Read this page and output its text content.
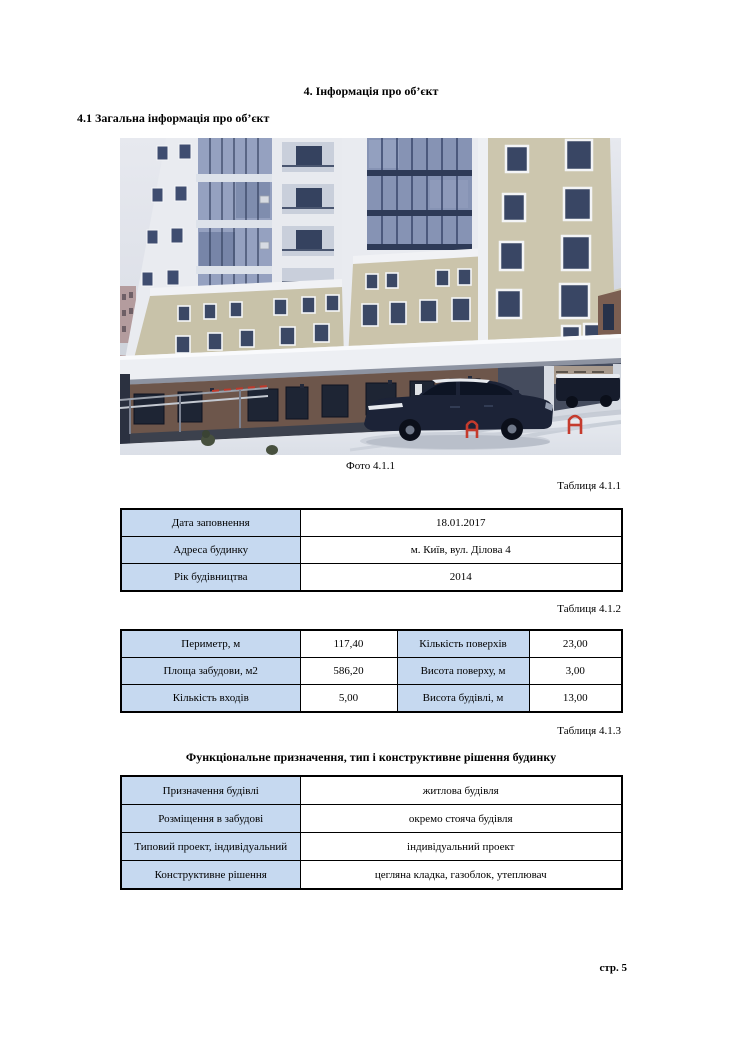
4. Інформація про об’єкт
4.1 Загальна інформація про об’єкт
Фото 4.1.1
Таблиця 4.1.1
Дата заповнення	18.01.2017
Адреса будинку	м. Київ, вул. Ділова 4
Рік будівництва	2014
Таблиця 4.1.2
Периметр, м	117,40	Кількість поверхів	23,00
Площа забудови, м2	586,20	Висота поверху, м	3,00
Кількість входів	5,00	Висота будівлі, м	13,00
Таблиця 4.1.3
Функціональне призначення, тип і конструктивне рішення будинку
Призначення будівлі	житлова будівля
Розміщення в забудові	окремо стояча будівля
Типовий проект, індивідуальний	індивідуальний проект
Конструктивне рішення	цегляна кладка, газоблок, утеплювач
стр. 5
